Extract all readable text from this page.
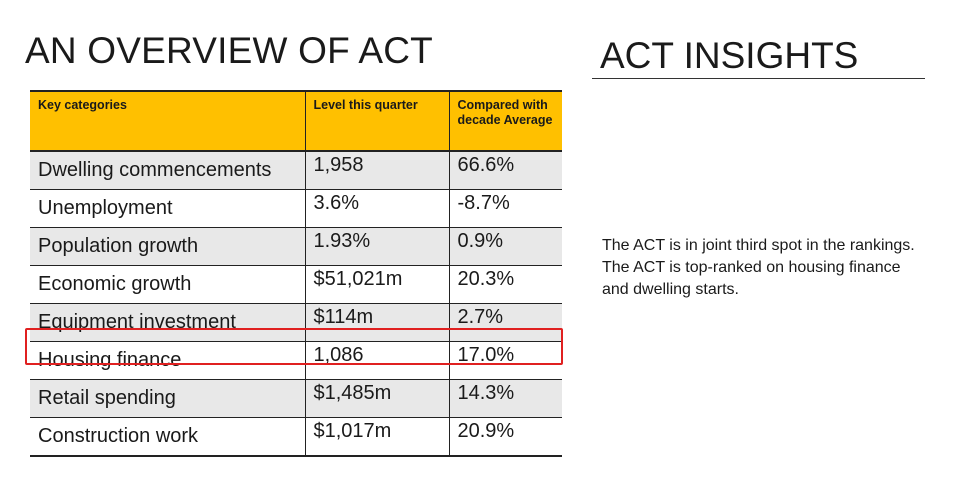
AN OVERVIEW OF ACT	ACT INSIGHTS
Key categories	Level this quarter	Compared with decade Average
Dwelling commencements	1,958	66.6%
Unemployment	3.6%	-8.7%
Population growth	1.93%	0.9%
Economic growth	$51,021m	20.3%
Equipment investment	$114m	2.7%
Housing finance	1,086	17.0%
Retail spending	$1,485m	14.3%
Construction work	$1,017m	20.9%

The ACT is in joint third spot in the rankings. The ACT is top-ranked on housing finance and dwelling starts.
